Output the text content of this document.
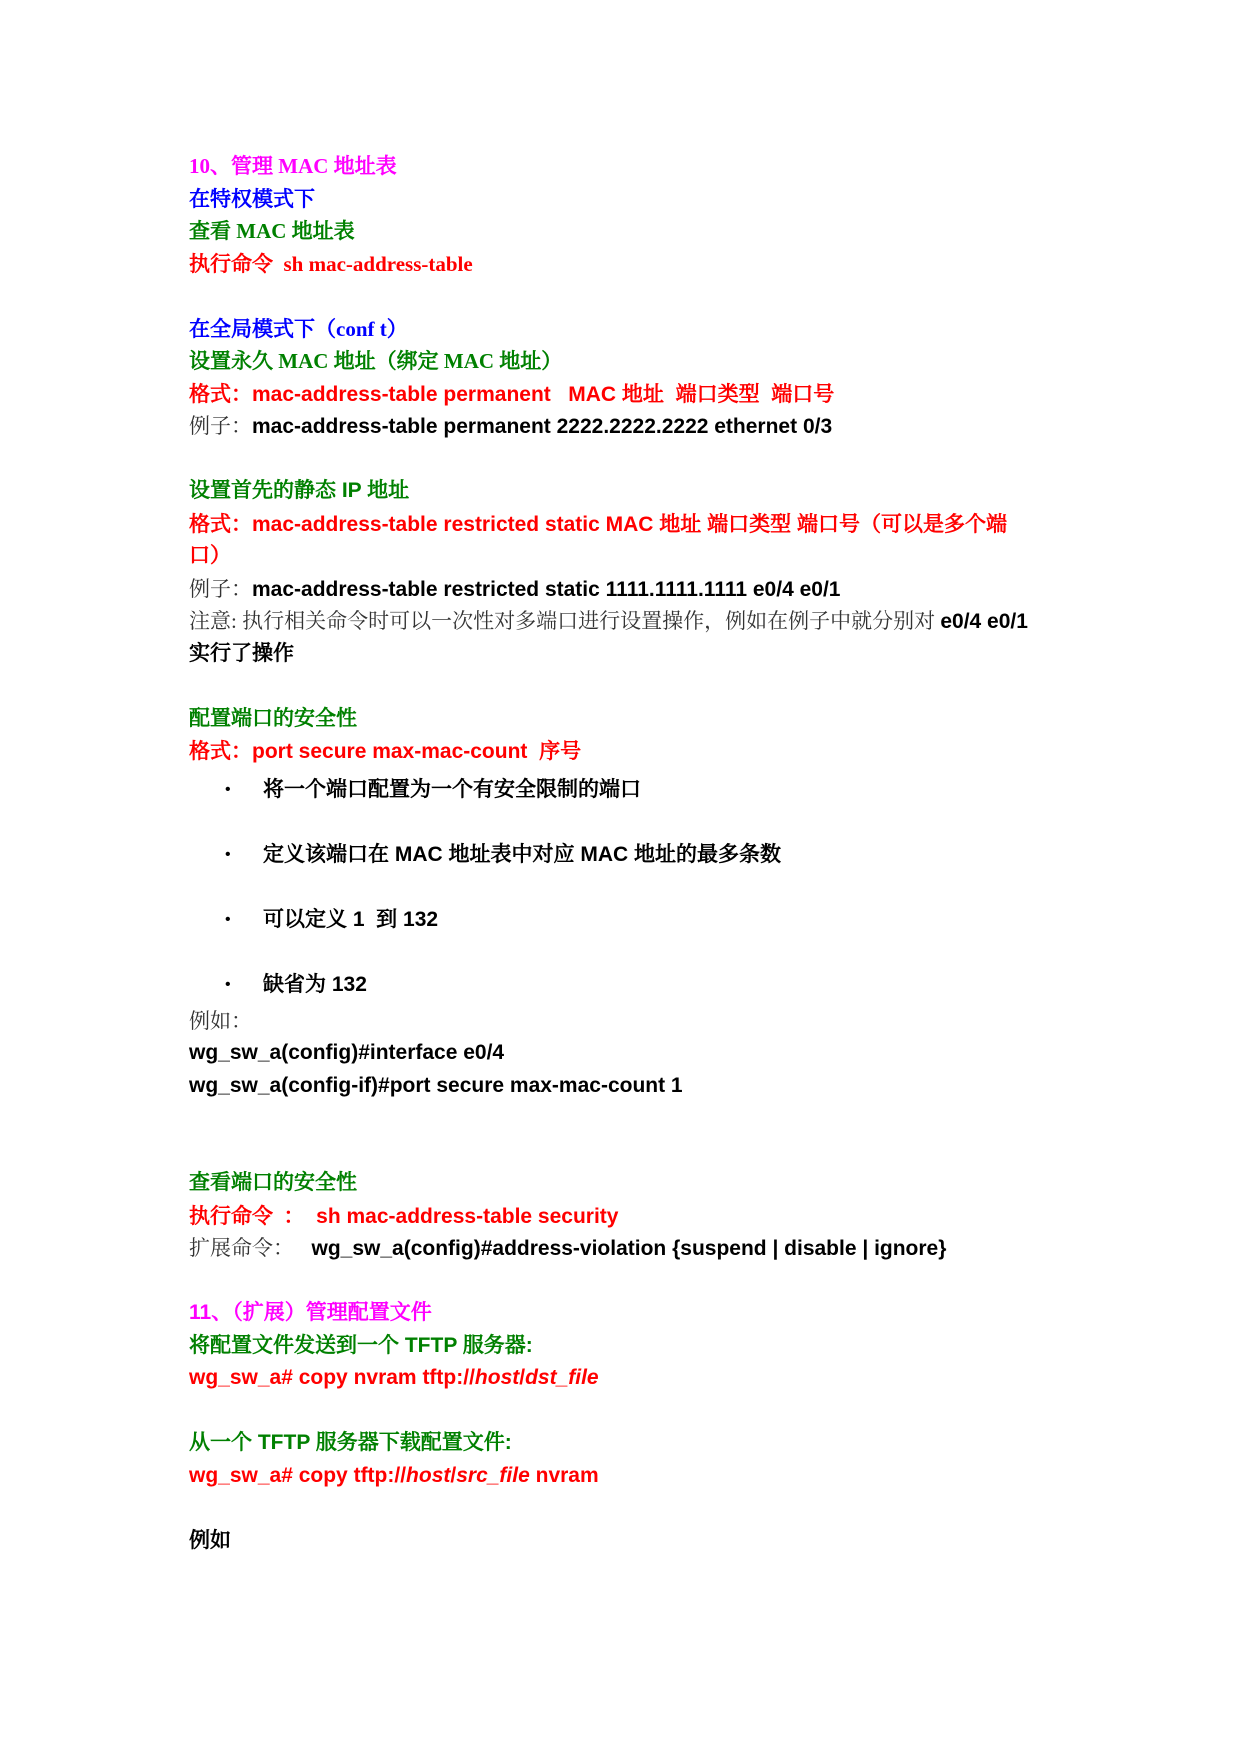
10、管理 MAC 地址表
在特权模式下
查看 MAC 地址表
执行命令 sh mac-address-table
在全局模式下（conf t）
设置永久 MAC 地址（绑定 MAC 地址）
格式：mac-address-table permanent   MAC 地址  端口类型  端口号
例子：mac-address-table permanent 2222.2222.2222 ethernet 0/3
设置首先的静态 IP 地址
格式：mac-address-table restricted static MAC 地址 端口类型 端口号（可以是多个端
口）
例子：mac-address-table restricted static 1111.1111.1111 e0/4 e0/1
注意: 执行相关命令时可以一次性对多端口进行设置操作，例如在例子中就分别对 e0/4 e0/1
实行了操作
配置端口的安全性
格式：port secure max-mac-count  序号
• 将一个端口配置为一个有安全限制的端口
• 定义该端口在 MAC 地址表中对应 MAC 地址的最多条数
• 可以定义 1  到 132
• 缺省为 132
例如：
wg_sw_a(config)#interface e0/4
wg_sw_a(config-if)#port secure max-mac-count 1
查看端口的安全性
执行命令  ： sh mac-address-table security
扩展命令： wg_sw_a(config)#address-violation {suspend | disable | ignore}
11、（扩展）管理配置文件
将配置文件发送到一个 TFTP 服务器:
wg_sw_a# copy nvram tftp://host/dst_file
从一个 TFTP 服务器下载配置文件:
wg_sw_a# copy tftp://host/src_file nvram
例如
